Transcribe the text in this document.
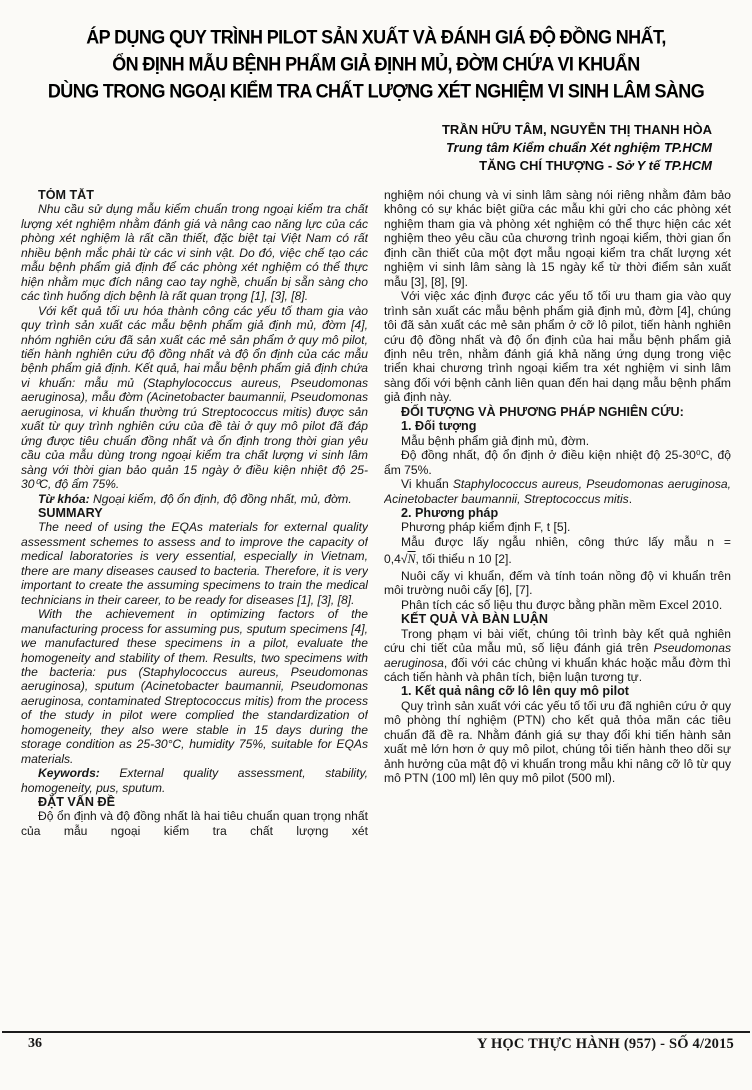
ÁP DỤNG QUY TRÌNH PILOT SẢN XUẤT VÀ ĐÁNH GIÁ ĐỘ ĐỒNG NHẤT,
ỔN ĐỊNH MẪU BỆNH PHẨM GIẢ ĐỊNH MỦ, ĐỜM CHỨA VI KHUẨN
DÙNG TRONG NGOẠI KIỂM TRA CHẤT LƯỢNG XÉT NGHIỆM VI SINH LÂM SÀNG
TRẦN HỮU TÂM, NGUYỄN THỊ THANH HÒA
Trung tâm Kiểm chuẩn Xét nghiệm TP.HCM
TĂNG CHÍ THƯỢNG - Sở Y tế TP.HCM

TÓM TẮT

Nhu cầu sử dụng mẫu kiểm chuẩn trong ngoại kiểm tra chất lượng xét nghiệm nhằm đánh giá và nâng cao năng lực của các phòng xét nghiệm là rất cần thiết, đặc biệt tại Việt Nam có rất nhiều bệnh mắc phải từ các vi sinh vật. Do đó, việc chế tạo các mẫu bệnh phẩm giả định để các phòng xét nghiệm có thể thực hiện nhằm mục đích nâng cao tay nghề, chuẩn bị sẵn sàng cho các tình huống dịch bệnh là rất quan trọng [1], [3], [8].

Với kết quả tối ưu hóa thành công các yếu tố tham gia vào quy trình sản xuất các mẫu bệnh phẩm giả định mủ, đờm [4], nhóm nghiên cứu đã sản xuất các mẻ sản phẩm ở quy mô pilot, tiến hành nghiên cứu độ đồng nhất và độ ổn định của các mẫu bệnh phẩm giả định. Kết quả, hai mẫu bệnh phẩm giả định chứa vi khuẩn: mẫu mủ (Staphylococcus aureus, Pseudomonas aeruginosa), mẫu đờm (Acinetobacter baumannii, Pseudomonas aeruginosa, vi khuẩn thường trú Streptococcus mitis) được sản xuất từ quy trình nghiên cứu của đề tài ở quy mô pilot đã đáp ứng được tiêu chuẩn đồng nhất và ổn định trong thời gian yêu cầu của mẫu dùng trong ngoại kiểm tra chất lượng vi sinh lâm sàng với thời gian bảo quản 15 ngày ở điều kiện nhiệt độ 25-30⁰C, độ ẩm 75%.

Từ khóa: Ngoại kiểm, độ ổn định, độ đồng nhất, mủ, đờm.

SUMMARY

The need of using the EQAs materials for external quality assessment schemes to assess and to improve the capacity of medical laboratories is very essential, especially in Vietnam, there are many diseases caused to bacteria. Therefore, it is very important to create the assuming specimens to train the medical technicians in their career, to be ready for diseases [1], [3], [8].

With the achievement in optimizing factors of the manufacturing process for assuming pus, sputum specimens [4], we manufactured these specimens in a pilot, evaluate the homogeneity and stability of them. Results, two specimens with the bacteria: pus (Staphylococcus aureus, Pseudomonas aeruginosa), sputum (Acinetobacter baumannii, Pseudomonas aeruginosa, contaminated Streptococcus mitis) from the process of the study in pilot were complied the standardization of homogeneity, they also were stable in 15 days during the storage condition as 25-30°C, humidity 75%, suitable for EQAs materials.

Keywords: External quality assessment, stability, homogeneity, pus, sputum.

ĐẶT VẤN ĐỀ

Độ ổn định và độ đồng nhất là hai tiêu chuẩn quan trọng nhất của mẫu ngoại kiểm tra chất lượng xét

nghiệm nói chung và vi sinh lâm sàng nói riêng nhằm đảm bảo không có sự khác biệt giữa các mẫu khi gửi cho các phòng xét nghiệm tham gia và phòng xét nghiệm có thể thực hiện các xét nghiệm theo yêu cầu của chương trình ngoại kiểm, thời gian ổn định cần thiết của một đợt mẫu ngoại kiểm tra chất lượng xét nghiệm vi sinh lâm sàng là 15 ngày kể từ thời điểm sản xuất mẫu [3], [8], [9].

Với việc xác định được các yếu tố tối ưu tham gia vào quy trình sản xuất các mẫu bệnh phẩm giả định mủ, đờm [4], chúng tôi đã sản xuất các mẻ sản phẩm ở cỡ lô pilot, tiến hành nghiên cứu độ đồng nhất và độ ổn định của hai mẫu bệnh phẩm giả định nêu trên, nhằm đánh giá khả năng ứng dụng trong việc triển khai chương trình ngoại kiểm tra xét nghiệm vi sinh lâm sàng đối với bệnh cảnh liên quan đến hai dạng mẫu bệnh phẩm giả định này.

ĐỐI TƯỢNG VÀ PHƯƠNG PHÁP NGHIÊN CỨU:

1. Đối tượng

Mẫu bệnh phẩm giả định mủ, đờm.

Độ đồng nhất, độ ổn định ở điều kiện nhiệt độ 25-30⁰C, độ ẩm 75%.

Vi khuẩn Staphylococcus aureus, Pseudomonas aeruginosa, Acinetobacter baumannii, Streptococcus mitis.

2. Phương pháp

Phương pháp kiểm định F, t [5].

Mẫu được lấy ngẫu nhiên, công thức lấy mẫu n =

0,4√N, tối thiểu n 10 [2].

Nuôi cấy vi khuẩn, đếm và tính toán nồng độ vi khuẩn trên môi trường nuôi cấy [6], [7].

Phân tích các số liệu thu được bằng phần mềm Excel 2010.

KẾT QUẢ VÀ BÀN LUẬN

Trong phạm vi bài viết, chúng tôi trình bày kết quả nghiên cứu chi tiết của mẫu mủ, số liệu đánh giá trên Pseudomonas aeruginosa, đối với các chủng vi khuẩn khác hoặc mẫu đờm thì cách tiến hành và phân tích, biện luận tương tự.

1. Kết quả nâng cỡ lô lên quy mô pilot

Quy trình sản xuất với các yếu tố tối ưu đã nghiên cứu ở quy mô phòng thí nghiệm (PTN) cho kết quả thỏa mãn các tiêu chuẩn đã đề ra. Nhằm đánh giá sự thay đổi khi tiến hành sản xuất mẻ lớn hơn ở quy mô pilot, chúng tôi tiến hành theo dõi sự ảnh hưởng của mật độ vi khuẩn trong mẫu khi nâng cỡ lô từ quy mô PTN (100 ml) lên quy mô pilot (500 ml).

36	Y HỌC THỰC HÀNH (957) - SỐ 4/2015
